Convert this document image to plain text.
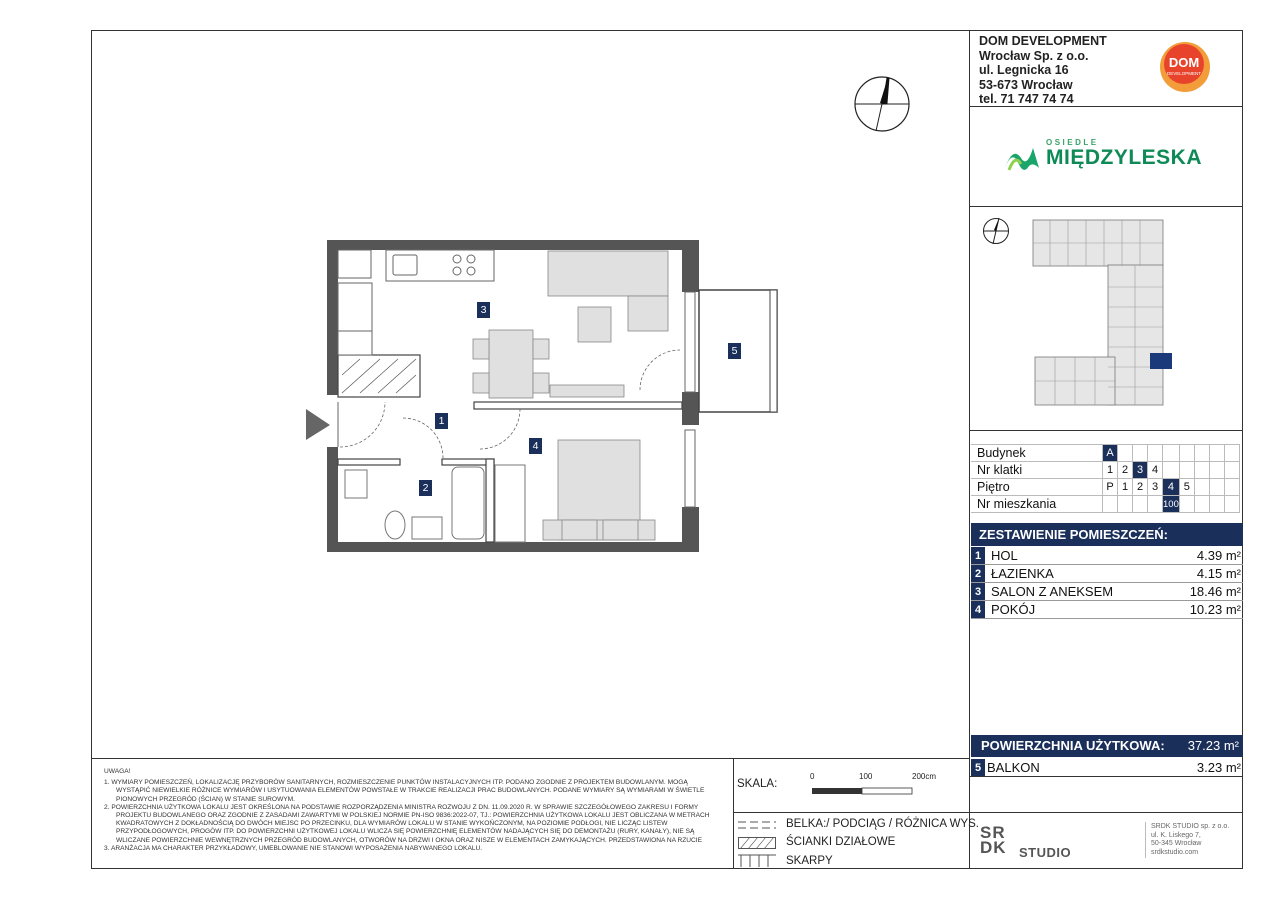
DOM DEVELOPMENT
Wrocław Sp. z o.o.
ul. Legnicka 16
53-673 Wrocław
tel. 71 747 74 74
DOM
DEVELOPMENT
OSIEDLE
MIĘDZYLESKA
Budynek	A								
Nr klatki	1	2	3	4					
Piętro	P	1	2	3	4	5			
Nr mieszkania					100				
ZESTAWIENIE POMIESZCZEŃ:
1 HOL	4.39 m²
2 ŁAZIENKA	4.15 m²
3 SALON Z ANEKSEM	18.46 m²
4 POKÓJ	10.23 m²
POWIERZCHNIA UŻYTKOWA: 37.23 m²
5 BALKON	3.23 m²
1
2
3
4
5
UWAGA!
1. WYMIARY POMIESZCZEŃ, LOKALIZACJĘ PRZYBORÓW SANITARNYCH, ROZMIESZCZENIE PUNKTÓW INSTALACYJNYCH ITP. PODANO ZGODNIE Z PROJEKTEM BUDOWLANYM. MOGĄ
WYSTĄPIĆ NIEWIELKIE RÓŻNICE WYMIARÓW I USYTUOWANIA ELEMENTÓW POWSTAŁE W TRAKCIE REALIZACJI PRAC BUDOWLANYCH. PODANE WYMIARY SĄ WYMIARAMI W ŚWIETLE
PIONOWYCH PRZEGRÓD (ŚCIAN) W STANIE SUROWYM.
2. POWIERZCHNIA UŻYTKOWA LOKALU JEST OKREŚLONA NA PODSTAWIE ROZPORZĄDZENIA MINISTRA ROZWOJU Z DN. 11.09.2020 R. W SPRAWIE SZCZEGÓŁOWEGO ZAKRESU I FORMY
PROJEKTU BUDOWLANEGO ORAZ ZGODNIE Z ZASADAMI ZAWARTYMI W POLSKIEJ NORMIE PN-ISO 9836:2022-07, TJ.: POWIERZCHNIA UŻYTKOWA LOKALU JEST OBLICZANA W METRACH
KWADRATOWYCH Z DOKŁADNOŚCIĄ DO DWÓCH MIEJSC PO PRZECINKU, DLA WYMIARÓW LOKALU W STANIE WYKOŃCZONYM, NA POZIOMIE PODŁOGI, NIE LICZĄC LISTEW
PRZYPODŁOGOWYCH, PROGÓW ITP. DO POWIERZCHNI UŻYTKOWEJ LOKALU WLICZA SIĘ POWIERZCHNIĘ ELEMENTÓW NADAJĄCYCH SIĘ DO DEMONTAŻU (RURY, KANAŁY), NIE SĄ
WLICZANE POWIERZCHNIE WEWNĘTRZNYCH PRZEGRÓD BUDOWLANYCH, OTWORÓW NA DRZWI I OKNA ORAZ NISZE W ELEMENTACH ZAMYKAJĄCYCH. PRZEDSTAWIONA NA RZUCIE
3. ARANŻACJA MA CHARAKTER PRZYKŁADOWY, UMEBLOWANIE NIE STANOWI WYPOSAŻENIA NABYWANEGO LOKALU.
SKALA:
0	100	200cm
BELKA:/ PODCIĄG / RÓŻNICA WYS.
ŚCIANKI DZIAŁOWE
SKARPY
SR
DK STUDIO
SRDK STUDIO sp. z o.o.
ul. K. Liskego 7,
50-345 Wrocław
srdkstudio.com
